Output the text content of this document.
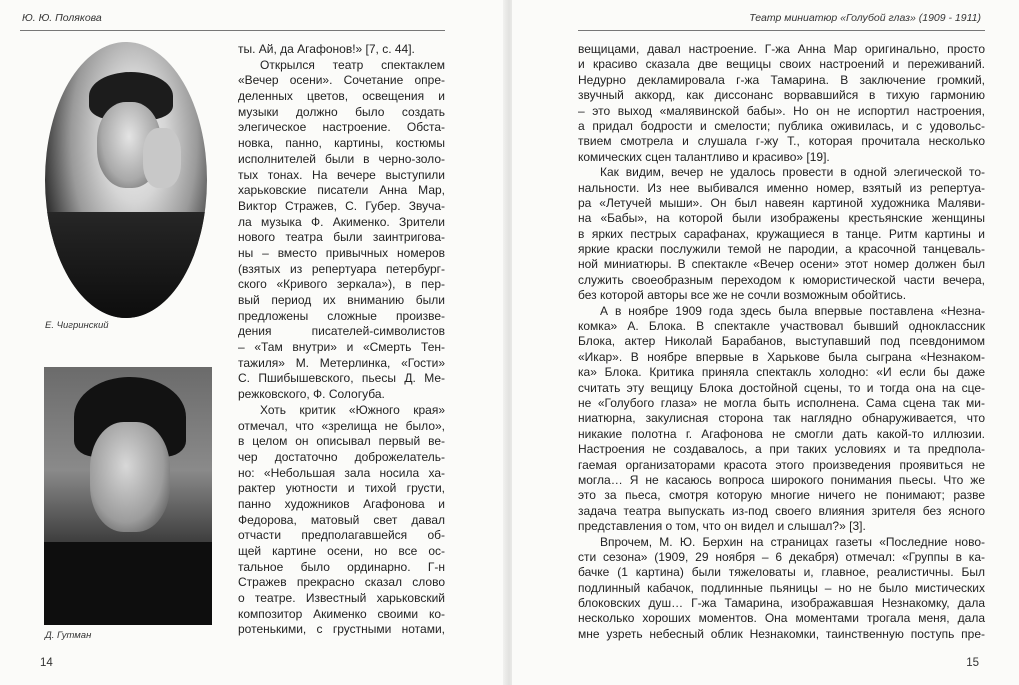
Ю. Ю. Полякова
Е. Чигринский
Д. Гутман
ты. Ай, да Агафонов!» [7, с. 44].
Открылся театр спектаклем
«Вечер осени». Сочетание опре-
деленных цветов, освещения и
музыки должно было создать
элегическое настроение. Обста-
новка, панно, картины, костюмы
исполнителей были в черно-золо-
тых тонах. На вечере выступили
харьковские писатели Анна Мар,
Виктор Стражев, С. Губер. Звуча-
ла музыка Ф. Акименко. Зрители
нового театра были заинтригова-
ны – вместо привычных номеров
(взятых из репертуара петербург-
ского «Кривого зеркала»), в пер-
вый период их вниманию были
предложены сложные произве-
дения писателей-символистов
– «Там внутри» и «Смерть Тен-
тажиля» М. Метерлинка, «Гости»
С. Пшибышевского, пьесы Д. Ме-
режковского, Ф. Сологуба.
Хоть критик «Южного края»
отмечал, что «зрелища не было»,
в целом он описывал первый ве-
чер достаточно доброжелатель-
но: «Небольшая зала носила ха-
рактер уютности и тихой грусти,
панно художников Агафонова и
Федорова, матовый свет давал
отчасти предполагавшейся об-
щей картине осени, но все ос-
тальное было ординарно. Г-н
Стражев прекрасно сказал слово
о театре. Известный харьковский
композитор Акименко своими ко-
ротенькими, с грустными нотами,
14
Театр миниатюр «Голубой глаз» (1909 - 1911)
вещицами, давал настроение. Г-жа Анна Мар оригинально, просто
и красиво сказала две вещицы своих настроений и переживаний.
Недурно декламировала г-жа Тамарина. В заключение громкий,
звучный аккорд, как диссонанс ворвавшийся в тихую гармонию
– это выход «малявинской бабы». Но он не испортил настроения,
а придал бодрости и смелости; публика оживилась, и с удовольс-
твием смотрела и слушала г-жу Т., которая прочитала несколько
комических сцен талантливо и красиво» [19].
Как видим, вечер не удалось провести в одной элегической то-
нальности. Из нее выбивался именно номер, взятый из репертуа-
ра «Летучей мыши». Он был навеян картиной художника Маляви-
на «Бабы», на которой были изображены крестьянские женщины
в ярких пестрых сарафанах, кружащиеся в танце. Ритм картины и
яркие краски послужили темой не пародии, а красочной танцеваль-
ной миниатюры. В спектакле «Вечер осени» этот номер должен был
служить своеобразным переходом к юмористической части вечера,
без которой авторы все же не сочли возможным обойтись.
А в ноябре 1909 года здесь была впервые поставлена «Незна-
комка» А. Блока. В спектакле участвовал бывший одноклассник
Блока, актер Николай Барабанов, выступавший под псевдонимом
«Икар». В ноябре впервые в Харькове была сыграна «Незнаком-
ка» Блока. Критика приняла спектакль холодно: «И если бы даже
считать эту вещицу Блока достойной сцены, то и тогда она на сце-
не «Голубого глаза» не могла быть исполнена. Сама сцена так ми-
ниатюрна, закулисная сторона так наглядно обнаруживается, что
никакие полотна г. Агафонова не смогли дать какой-то иллюзии.
Настроения не создавалось, а при таких условиях и та предпола-
гаемая организаторами красота этого произведения проявиться не
могла… Я не касаюсь вопроса широкого понимания пьесы. Что же
это за пьеса, смотря которую многие ничего не понимают; разве
задача театра выпускать из-под своего влияния зрителя без ясного
представления о том, что он видел и слышал?» [3].
Впрочем, М. Ю. Берхин на страницах газеты «Последние ново-
сти сезона» (1909, 29 ноября – 6 декабря) отмечал: «Группы в ка-
бачке (1 картина) были тяжеловаты и, главное, реалистичны. Был
подлинный кабачок, подлинные пьяницы – но не было мистических
блоковских душ… Г-жа Тамарина, изображавшая Незнакомку, дала
несколько хороших моментов. Она моментами трогала меня, дала
мне узреть небесный облик Незнакомки, таинственную поступь пре-
15
